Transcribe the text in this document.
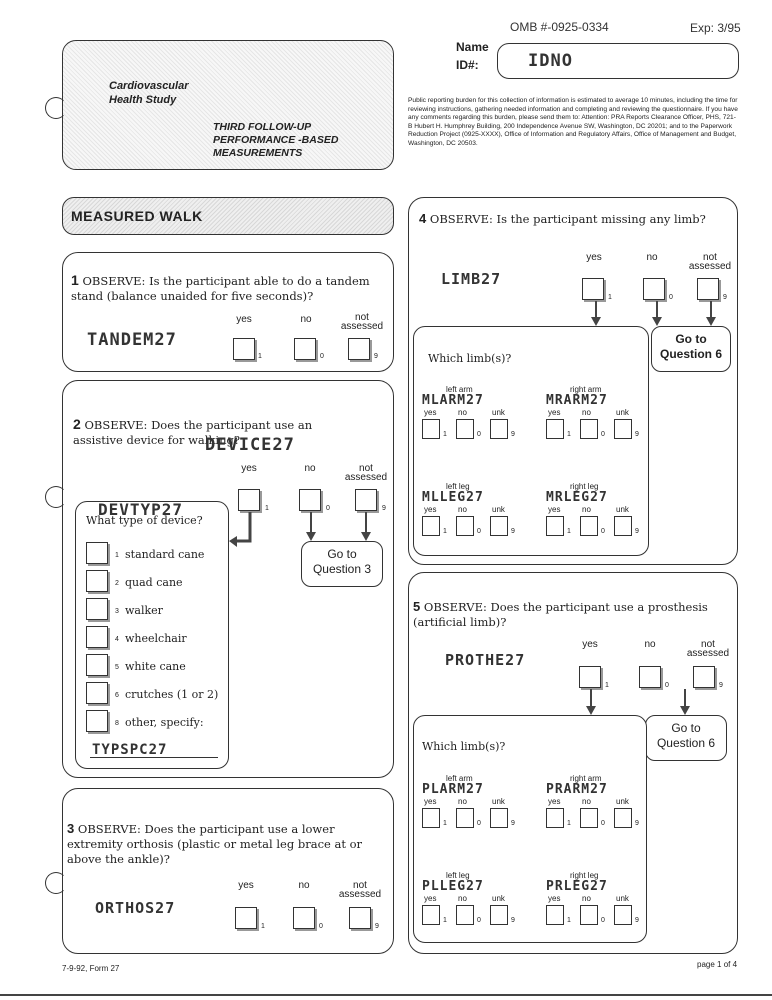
OMB #-0925-0334	Exp: 3/95
Cardiovascular
Health Study
THIRD FOLLOW-UP
PERFORMANCE -BASED
MEASUREMENTS
Name
ID#:	IDNO
Public reporting burden for this collection of information is estimated to average 10 minutes, including the time for reviewing instructions, gathering needed information and completing and reviewing the questionnaire. If you have any comments regarding this burden, please send them to: Attention: PRA Reports Clearance Officer, PHS, 721-B Hubert H. Humphrey Building, 200 Independence Avenue SW, Washington, DC 20201; and to the Paperwork Reduction Project (0925-XXXX), Office of Information and Regulatory Affairs, Office of Management and Budget, Washington, DC 20503.
MEASURED WALK
1 OBSERVE: Is the participant able to do a tandem stand (balance unaided for five seconds)?
TANDEM27
yes	no	not assessed
1	0	9
2 OBSERVE: Does the participant use an assistive device for walking?
DEVICE27
yes	no	not assessed
1	0	9
Go to Question 3
DEVTYP27
What type of device?
TYPSPC27
1 standard cane
2 quad cane
3 walker
4 wheelchair
5 white cane
6 crutches (1 or 2)
8 other, specify:
3 OBSERVE: Does the participant use a lower extremity orthosis (plastic or metal leg brace at or above the ankle)?
ORTHOS27
yes	no	not assessed
1	0	9
4 OBSERVE: Is the participant missing any limb?
LIMB27
yes	no	not assessed
1	0	9
Go to Question 6
Which limb(s)?
left arm
MLARM27
yes
1
no
0
unk
9
right arm
MRARM27
yes
1
no
0
unk
9
left leg
MLLEG27
yes
1
no
0
unk
9
right leg
MRLEG27
yes
1
no
0
unk
9
5 OBSERVE: Does the participant use a prosthesis (artificial limb)?
PROTHE27
yes	no	not assessed
1	0	9
Go to Question 6
Which limb(s)?
left arm
PLARM27
yes
1
no
0
unk
9
right arm
PRARM27
yes
1
no
0
unk
9
left leg
PLLEG27
yes
1
no
0
unk
9
right leg
PRLEG27
yes
1
no
0
unk
9
7-9-92, Form 27	page 1 of 4
